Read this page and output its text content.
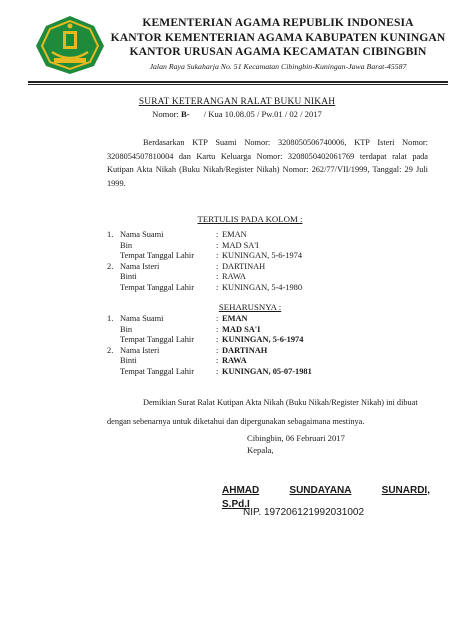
KEMENTERIAN AGAMA REPUBLIK INDONESIA
KANTOR KEMENTERIAN AGAMA KABUPATEN KUNINGAN
KANTOR URUSAN AGAMA KECAMATAN CIBINGBIN
Jalan Raya Sukaharja No. 51 Kecamatan Cibingbin-Kuningan-Jawa Barat-45587
SURAT KETERANGAN RALAT BUKU NIKAH
Nomor: B- / Kua 10.08.05 / Pw.01 / 02 / 2017
Berdasarkan KTP Suami Nomor: 3208050506740006, KTP Isteri Nomor: 3208054507810004 dan Kartu Keluarga Nomor: 3208050402061769 terdapat ralat pada Kutipan Akta Nikah (Buku Nikah/Register Nikah) Nomor: 262/77/VII/1999, Tanggal: 29 Juli 1999.
TERTULIS PADA KOLOM :
1. Nama Suami	: EMAN
Bin	: MAD SA'I
Tempat Tanggal Lahir	: KUNINGAN, 5-6-1974
2. Nama Isteri	: DARTINAH
Binti	: RAWA
Tempat Tanggal Lahir	: KUNINGAN, 5-4-1980
SEHARUSNYA :
1. Nama Suami	: EMAN
Bin	: MAD SA'I
Tempat Tanggal Lahir	: KUNINGAN, 5-6-1974
2. Nama Isteri	: DARTINAH
Binti	: RAWA
Tempat Tanggal Lahir	: KUNINGAN, 05-07-1981
Demikian Surat Ralat Kutipan Akta Nikah (Buku Nikah/Register Nikah) ini dibuat dengan sebenarnya untuk diketahui dan dipergunakan sebagaimana mestinya.
Cibingbin, 06 Februari 2017
Kepala,
AHMAD	SUNDAYANA	SUNARDI,
S.Pd.I
NIP. 197206121992031002
